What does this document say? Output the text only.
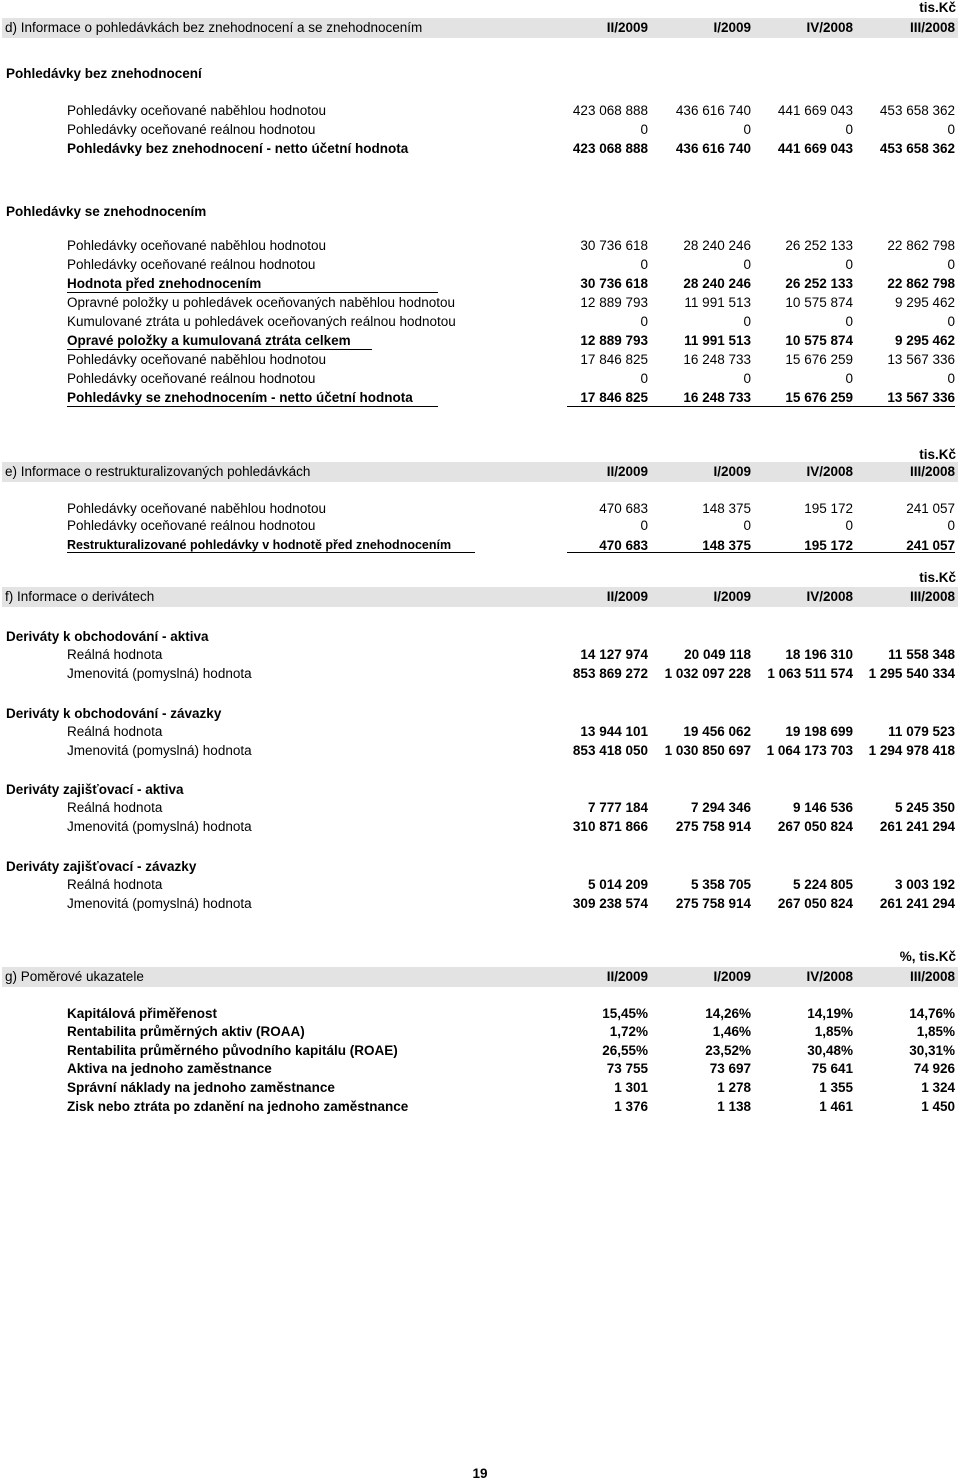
tis.Kč
d) Informace o pohledávkách bez znehodnocení a se znehodnocením	II/2009	I/2009	IV/2008	III/2008
Pohledávky bez znehodnocení
Pohledávky oceňované naběhlou hodnotou	423 068 888	436 616 740	441 669 043	453 658 362
Pohledávky oceňované reálnou hodnotou	0	0	0	0
Pohledávky bez znehodnocení - netto účetní hodnota	423 068 888	436 616 740	441 669 043	453 658 362
Pohledávky se znehodnocením
Pohledávky oceňované naběhlou hodnotou	30 736 618	28 240 246	26 252 133	22 862 798
Pohledávky oceňované reálnou hodnotou	0	0	0	0
Hodnota před znehodnocením	30 736 618	28 240 246	26 252 133	22 862 798
Opravné položky u pohledávek oceňovaných naběhlou hodnotou	12 889 793	11 991 513	10 575 874	9 295 462
Kumulované ztráta u pohledávek oceňovaných reálnou hodnotou	0	0	0	0
Opravé položky a kumulovaná ztráta celkem	12 889 793	11 991 513	10 575 874	9 295 462
Pohledávky oceňované naběhlou hodnotou	17 846 825	16 248 733	15 676 259	13 567 336
Pohledávky oceňované reálnou hodnotou	0	0	0	0
Pohledávky se znehodnocením - netto účetní hodnota	17 846 825	16 248 733	15 676 259	13 567 336
tis.Kč
e) Informace o restrukturalizovaných pohledávkách	II/2009	I/2009	IV/2008	III/2008
Pohledávky oceňované naběhlou hodnotou	470 683	148 375	195 172	241 057
Pohledávky oceňované reálnou hodnotou	0	0	0	0
Restrukturalizované pohledávky v hodnotě před znehodnocením	470 683	148 375	195 172	241 057
tis.Kč
f) Informace o derivátech	II/2009	I/2009	IV/2008	III/2008
Deriváty k obchodování - aktiva
Reálná hodnota	14 127 974	20 049 118	18 196 310	11 558 348
Jmenovitá (pomyslná) hodnota	853 869 272	1 032 097 228	1 063 511 574	1 295 540 334
Deriváty k obchodování - závazky
Reálná hodnota	13 944 101	19 456 062	19 198 699	11 079 523
Jmenovitá (pomyslná) hodnota	853 418 050	1 030 850 697	1 064 173 703	1 294 978 418
Deriváty zajišťovací - aktiva
Reálná hodnota	7 777 184	7 294 346	9 146 536	5 245 350
Jmenovitá (pomyslná) hodnota	310 871 866	275 758 914	267 050 824	261 241 294
Deriváty zajišťovací - závazky
Reálná hodnota	5 014 209	5 358 705	5 224 805	3 003 192
Jmenovitá (pomyslná) hodnota	309 238 574	275 758 914	267 050 824	261 241 294
%, tis.Kč
g) Poměrové ukazatele	II/2009	I/2009	IV/2008	III/2008
Kapitálová přiměřenost	15,45%	14,26%	14,19%	14,76%
Rentabilita průměrných aktiv (ROAA)	1,72%	1,46%	1,85%	1,85%
Rentabilita průměrného původního kapitálu (ROAE)	26,55%	23,52%	30,48%	30,31%
Aktiva na jednoho zaměstnance	73 755	73 697	75 641	74 926
Správní náklady na jednoho zaměstnance	1 301	1 278	1 355	1 324
Zisk nebo ztráta po zdanění na jednoho zaměstnance	1 376	1 138	1 461	1 450
19
